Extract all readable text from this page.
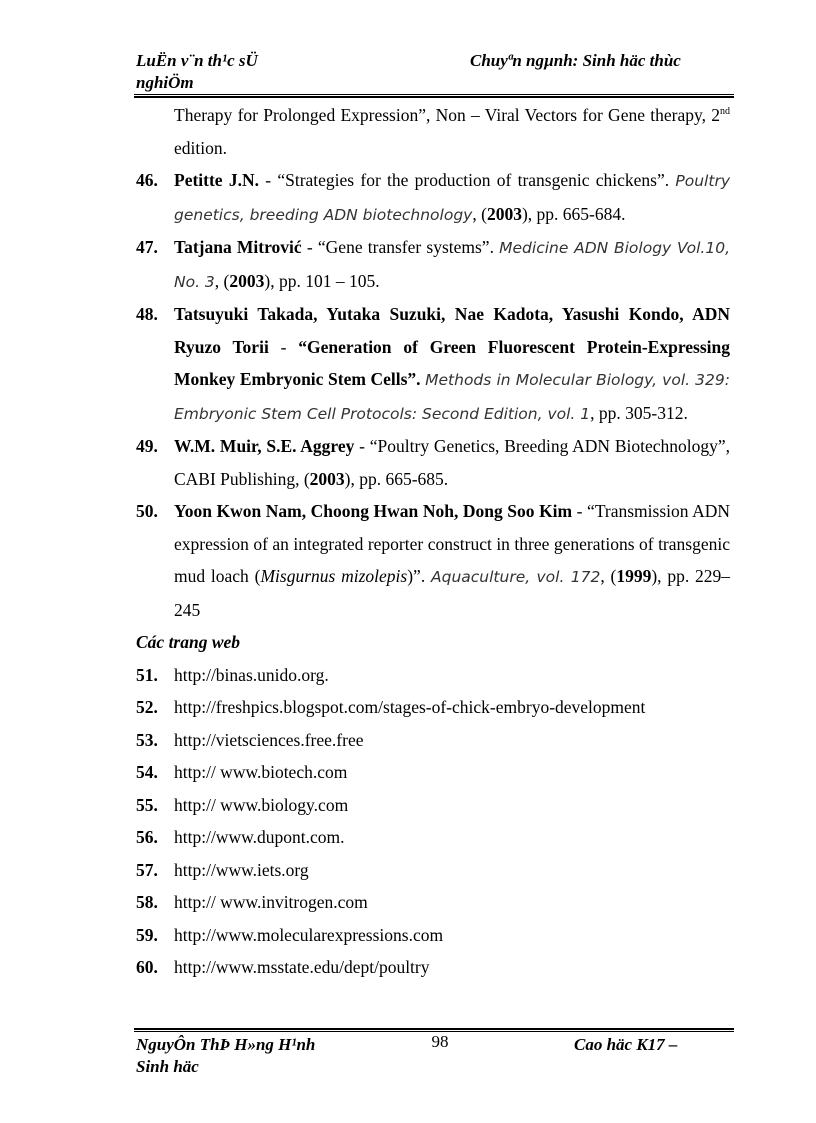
LuËn v¨n th¹c sÜ
nghiÖm
Chuyªn ngµnh: Sinh häc thùc
Therapy for Prolonged Expression”, Non – Viral Vectors for Gene therapy, 2nd edition.
46. Petitte J.N. - “Strategies for the production of transgenic chickens”. Poultry genetics, breeding ADN biotechnology, (2003), pp. 665-684.
47. Tatjana Mitrović - “Gene transfer systems”. Medicine ADN Biology Vol.10, No. 3, (2003), pp. 101 – 105.
48. Tatsuyuki Takada, Yutaka Suzuki, Nae Kadota, Yasushi Kondo, ADN Ryuzo Torii - “Generation of Green Fluorescent Protein-Expressing Monkey Embryonic Stem Cells”. Methods in Molecular Biology, vol. 329: Embryonic Stem Cell Protocols: Second Edition, vol. 1, pp. 305-312.
49. W.M. Muir, S.E. Aggrey - “Poultry Genetics, Breeding ADN Biotechnology”, CABI Publishing, (2003), pp. 665-685.
50. Yoon Kwon Nam, Choong Hwan Noh, Dong Soo Kim - “Transmission ADN expression of an integrated reporter construct in three generations of transgenic mud loach (Misgurnus mizolepis)”. Aquaculture, vol. 172, (1999), pp. 229–245
Các trang web
51. http://binas.unido.org.
52. http://freshpics.blogspot.com/stages-of-chick-embryo-development
53. http://vietsciences.free.free
54. http:// www.biotech.com
55. http:// www.biology.com
56. http://www.dupont.com.
57. http://www.iets.org
58. http:// www.invitrogen.com
59. http://www.molecularexpressions.com
60. http://www.msstate.edu/dept/poultry
NguyÔn ThÞ H»ng H¹nh
Sinh häc
98	Cao häc K17 –
